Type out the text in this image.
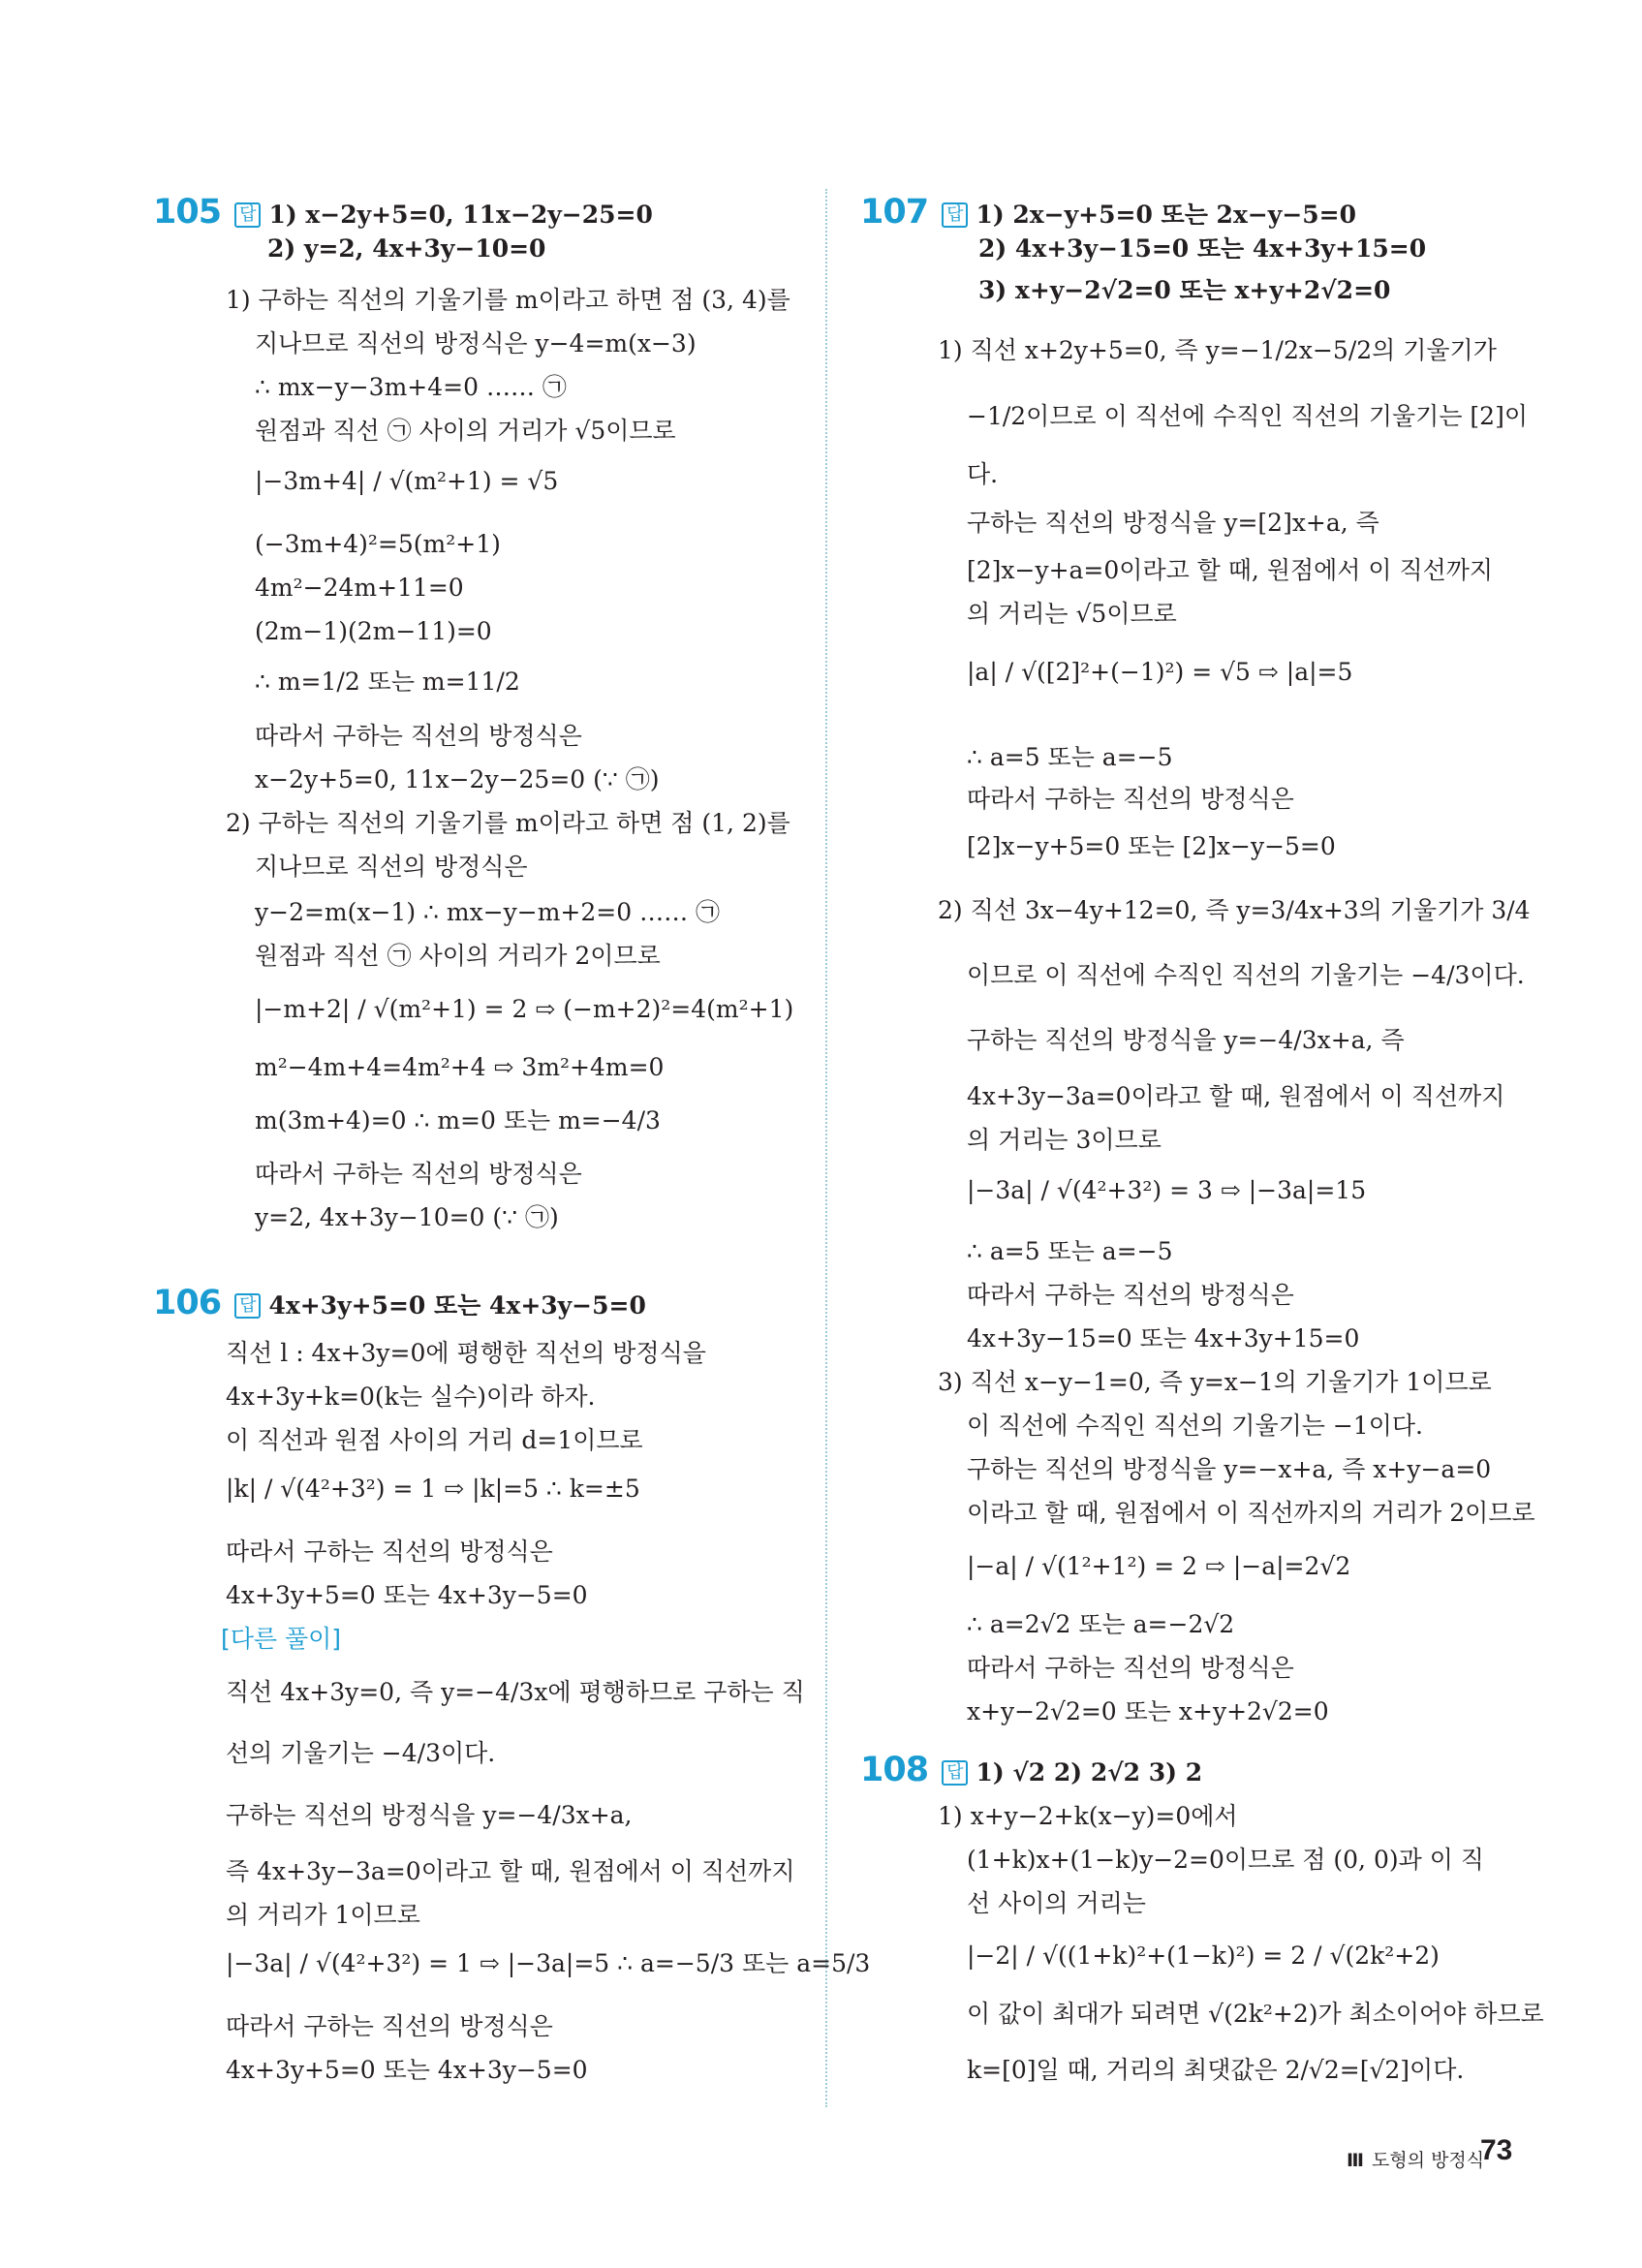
105 답 1) x−2y+5=0, 11x−2y−25=0
2) y=2, 4x+3y−10=0
1) 구하는 직선의 기울기를 m이라고 하면 점 (3, 4)를
지나므로 직선의 방정식은 y−4=m(x−3)
∴ mx−y−3m+4=0 …… ㉠
원점과 직선 ㉠ 사이의 거리가 √5이므로
|−3m+4| / √(m²+1) = √5
(−3m+4)²=5(m²+1)
4m²−24m+11=0
(2m−1)(2m−11)=0
∴ m=1/2 또는 m=11/2
따라서 구하는 직선의 방정식은
x−2y+5=0, 11x−2y−25=0 (∵ ㉠)
2) 구하는 직선의 기울기를 m이라고 하면 점 (1, 2)를
지나므로 직선의 방정식은
y−2=m(x−1) ∴ mx−y−m+2=0 …… ㉠
원점과 직선 ㉠ 사이의 거리가 2이므로
|−m+2| / √(m²+1) = 2 ⇨ (−m+2)²=4(m²+1)
m²−4m+4=4m²+4 ⇨ 3m²+4m=0
m(3m+4)=0 ∴ m=0 또는 m=−4/3
따라서 구하는 직선의 방정식은
y=2, 4x+3y−10=0 (∵ ㉠)
106 답 4x+3y+5=0 또는 4x+3y−5=0
직선 l : 4x+3y=0에 평행한 직선의 방정식을
4x+3y+k=0(k는 실수)이라 하자.
이 직선과 원점 사이의 거리 d=1이므로
|k| / √(4²+3²) = 1 ⇨ |k|=5 ∴ k=±5
따라서 구하는 직선의 방정식은
4x+3y+5=0 또는 4x+3y−5=0
[다른 풀이]
직선 4x+3y=0, 즉 y=−4/3x에 평행하므로 구하는 직
선의 기울기는 −4/3이다.
구하는 직선의 방정식을 y=−4/3x+a,
즉 4x+3y−3a=0이라고 할 때, 원점에서 이 직선까지
의 거리가 1이므로
|−3a| / √(4²+3²) = 1 ⇨ |−3a|=5 ∴ a=−5/3 또는 a=5/3
따라서 구하는 직선의 방정식은
4x+3y+5=0 또는 4x+3y−5=0
107 답 1) 2x−y+5=0 또는 2x−y−5=0
2) 4x+3y−15=0 또는 4x+3y+15=0
3) x+y−2√2=0 또는 x+y+2√2=0
1) 직선 x+2y+5=0, 즉 y=−1/2x−5/2의 기울기가
−1/2이므로 이 직선에 수직인 직선의 기울기는 [2]이
다.
구하는 직선의 방정식을 y=[2]x+a, 즉
[2]x−y+a=0이라고 할 때, 원점에서 이 직선까지
의 거리는 √5이므로
|a| / √([2]²+(−1)²) = √5 ⇨ |a|=5
∴ a=5 또는 a=−5
따라서 구하는 직선의 방정식은
[2]x−y+5=0 또는 [2]x−y−5=0
2) 직선 3x−4y+12=0, 즉 y=3/4x+3의 기울기가 3/4
이므로 이 직선에 수직인 직선의 기울기는 −4/3이다.
구하는 직선의 방정식을 y=−4/3x+a, 즉
4x+3y−3a=0이라고 할 때, 원점에서 이 직선까지
의 거리는 3이므로
|−3a| / √(4²+3²) = 3 ⇨ |−3a|=15
∴ a=5 또는 a=−5
따라서 구하는 직선의 방정식은
4x+3y−15=0 또는 4x+3y+15=0
3) 직선 x−y−1=0, 즉 y=x−1의 기울기가 1이므로
이 직선에 수직인 직선의 기울기는 −1이다.
구하는 직선의 방정식을 y=−x+a, 즉 x+y−a=0
이라고 할 때, 원점에서 이 직선까지의 거리가 2이므로
|−a| / √(1²+1²) = 2 ⇨ |−a|=2√2
∴ a=2√2 또는 a=−2√2
따라서 구하는 직선의 방정식은
x+y−2√2=0 또는 x+y+2√2=0
108 답 1) √2 2) 2√2 3) 2
1) x+y−2+k(x−y)=0에서
(1+k)x+(1−k)y−2=0이므로 점 (0, 0)과 이 직
선 사이의 거리는
|−2| / √((1+k)²+(1−k)²) = 2 / √(2k²+2)
이 값이 최대가 되려면 √(2k²+2)가 최소이어야 하므로
k=[0]일 때, 거리의 최댓값은 2/√2=[√2]이다.
Ⅲ 도형의 방정식
73
